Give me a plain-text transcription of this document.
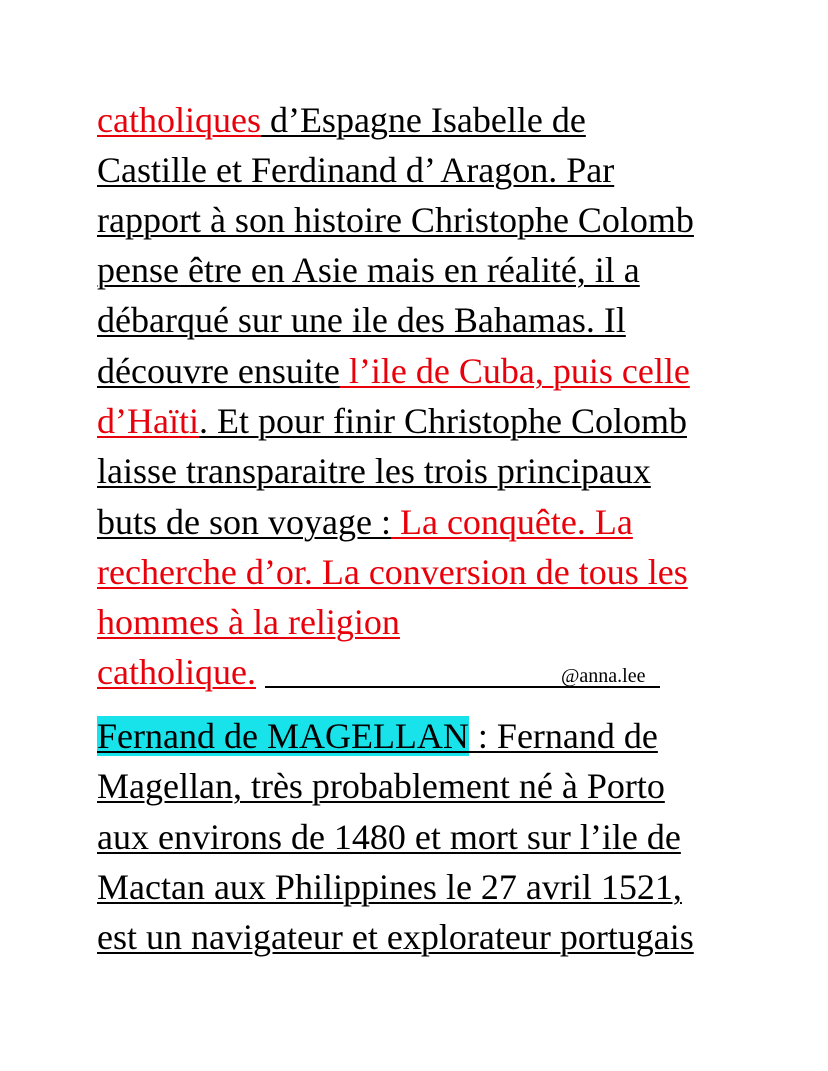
catholiques d’Espagne Isabelle de
Castille et Ferdinand d’ Aragon. Par
rapport à son histoire Christophe Colomb
pense être en Asie mais en réalité, il a
débarqué sur une ile des Bahamas. Il
découvre ensuite l’ile de Cuba, puis celle
d’Haïti. Et pour finir Christophe Colomb
laisse transparaitre les trois principaux
buts de son voyage : La conquête. La
recherche d’or. La conversion de tous les
hommes à la religion
catholique.	@anna.lee
Fernand de MAGELLAN : Fernand de
Magellan, très probablement né à Porto
aux environs de 1480 et mort sur l’ile de
Mactan aux Philippines le 27 avril 1521,
est un navigateur et explorateur portugais
